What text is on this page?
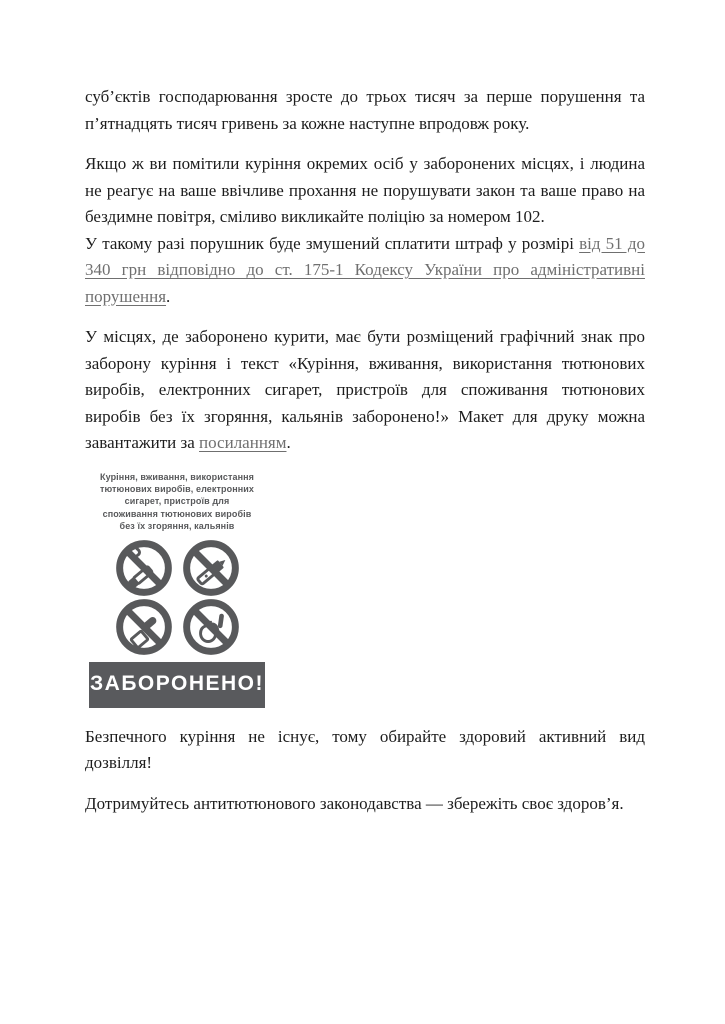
суб’єктів господарювання зросте до трьох тисяч за перше порушення та п’ятнадцять тисяч гривень за кожне наступне впродовж року.

Якщо ж ви помітили куріння окремих осіб у заборонених місцях, і людина не реагує на ваше ввічливе прохання не порушувати закон та ваше право на бездимне повітря, сміливо викликайте поліцію за номером 102.

У такому разі порушник буде змушений сплатити штраф у розмірі від 51 до 340 грн відповідно до ст. 175-1 Кодексу України про адміністративні порушення.

У місцях, де заборонено курити, має бути розміщений графічний знак про заборону куріння і текст «Куріння, вживання, використання тютюнових виробів, електронних сигарет, пристроїв для споживання тютюнових виробів без їх згоряння, кальянів заборонено!» Макет для друку можна завантажити за посиланням.

Куріння, вживання, використання
тютюнових виробів, електронних
сигарет, пристроїв для
споживання тютюнових виробів
без їх згоряння, кальянів
ЗАБОРОНЕНО!

Безпечного куріння не існує, тому обирайте здоровий активний вид дозвілля!

Дотримуйтесь антитютюнового законодавства — збережіть своє здоров’я.
